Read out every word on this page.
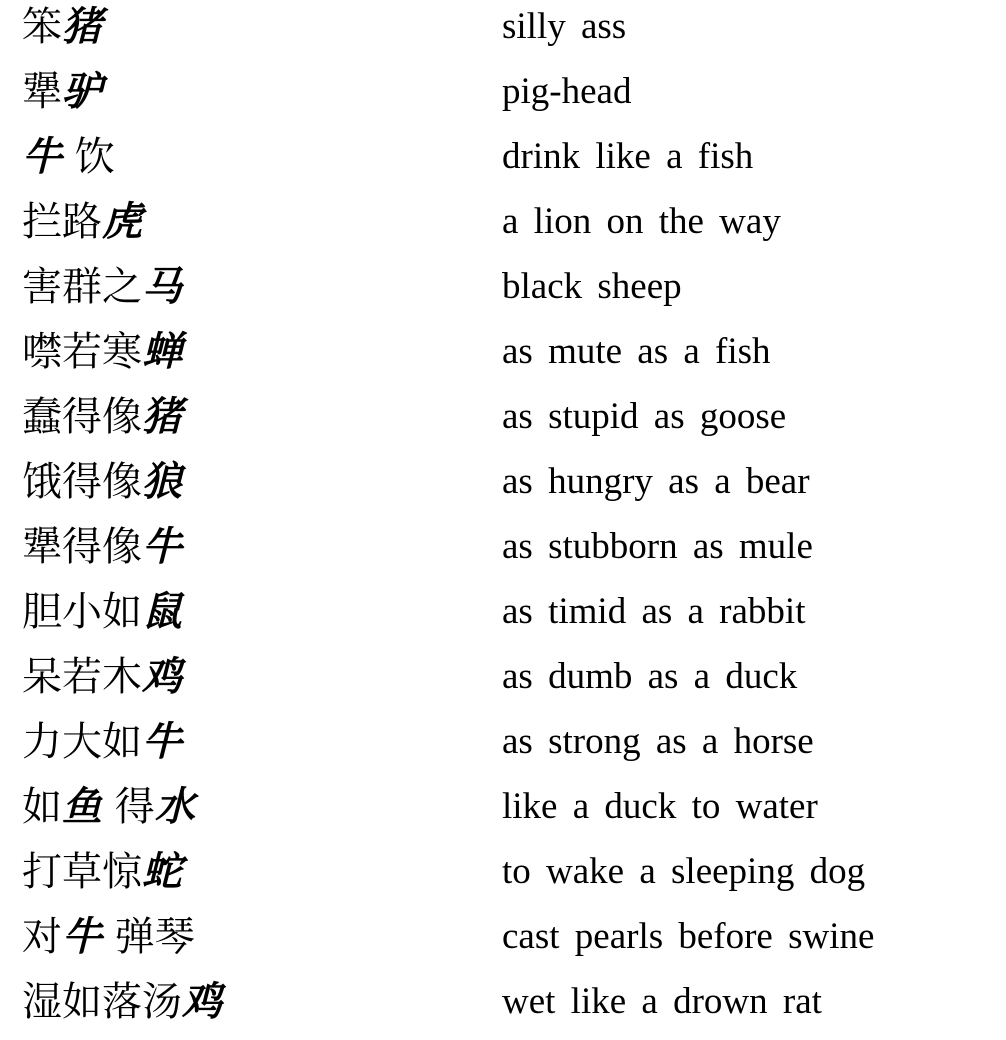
笨猪	silly ass
犟驴	pig-head
牛 饮	drink like a fish
拦路虎	a lion on the way
害群之马	black sheep
噤若寒蝉	as mute as a fish
蠢得像猪	as stupid as goose
饿得像狼	as hungry as a bear
犟得像牛	as stubborn as mule
胆小如鼠	as timid as a rabbit
呆若木鸡	as dumb as a duck
力大如牛	as strong as a horse
如鱼 得水	like a duck to water
打草惊蛇	to wake a sleeping dog
对牛 弹琴	cast pearls before swine
湿如落汤鸡	wet like a drown rat
